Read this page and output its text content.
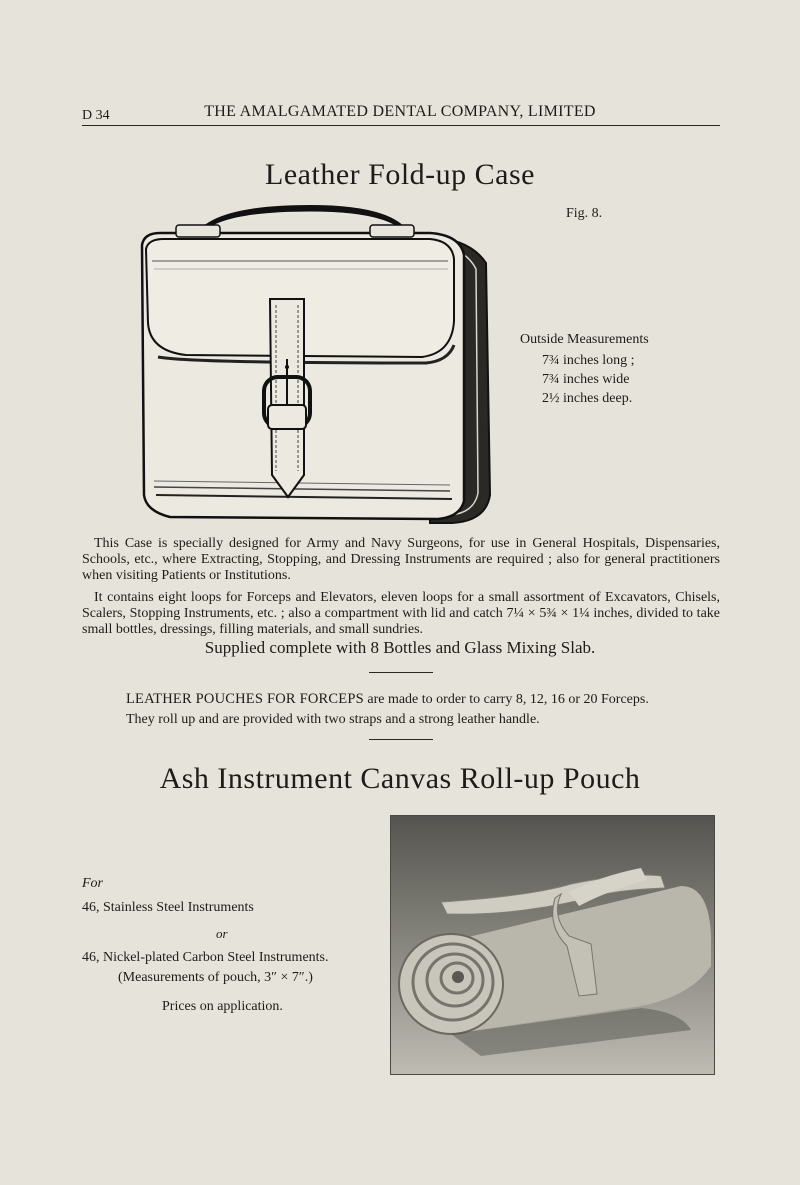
D 34	THE AMALGAMATED DENTAL COMPANY, LIMITED
Leather Fold-up Case
Fig. 8.
Outside Measurements
7¾ inches long ;
7¾ inches wide
2½ inches deep.
This Case is specially designed for Army and Navy Surgeons, for use in General Hospitals, Dispensaries, Schools, etc., where Extracting, Stopping, and Dressing Instruments are required ; also for general practitioners when visiting Patients or Institutions.
It contains eight loops for Forceps and Elevators, eleven loops for a small assortment of Excavators, Chisels, Scalers, Stopping Instruments, etc. ; also a compartment with lid and catch 7¼ × 5¾ × 1¼ inches, divided to take small bottles, dressings, filling materials, and small sundries.
Supplied complete with 8 Bottles and Glass Mixing Slab.
LEATHER POUCHES FOR FORCEPS are made to order to carry 8, 12, 16 or 20 Forceps.
They roll up and are provided with two straps and a strong leather handle.
Ash Instrument Canvas Roll-up Pouch
For
46, Stainless Steel Instruments
or
46, Nickel-plated Carbon Steel Instruments.
(Measurements of pouch, 3″ × 7″.)
Prices on application.
